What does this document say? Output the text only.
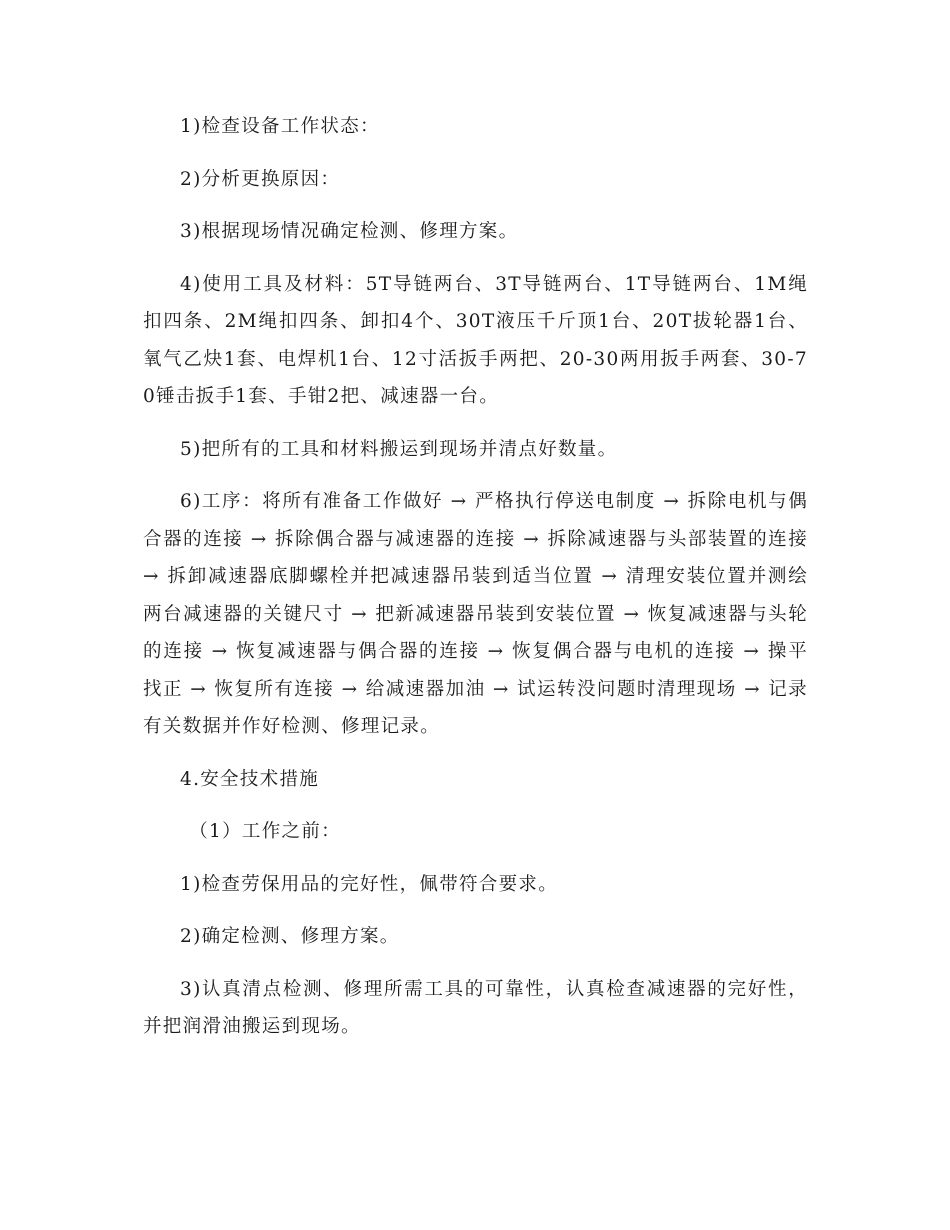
1)检查设备工作状态：

2)分析更换原因：

3)根据现场情况确定检测、修理方案。

4)使用工具及材料：5T导链两台、3T导链两台、1T导链两台、1M绳扣四条、2M绳扣四条、卸扣4个、30T液压千斤顶1台、20T拔轮器1台、氧气乙炔1套、电焊机1台、12寸活扳手两把、20-30两用扳手两套、30-70锤击扳手1套、手钳2把、减速器一台。

5)把所有的工具和材料搬运到现场并清点好数量。

6)工序：将所有准备工作做好 → 严格执行停送电制度 → 拆除电机与偶 合器的连接 → 拆除偶合器与减速器的连接 → 拆除减速器与头部装置的连接 → 拆卸减速器底脚螺栓并把减速器吊装到适当位置 → 清理安装位置并测绘两台减速器的关键尺寸 → 把新减速器吊装到安装位置 → 恢复减速器与头轮的连接 → 恢复减速器与偶合器的连接 → 恢复偶合器与电机的连接 → 操平找正 → 恢复所有连接 → 给减速器加油 → 试运转没问题时清理现场 → 记录有关数据并作好检测、修理记录。

4.安全技术措施

（1）工作之前：

1)检查劳保用品的完好性，佩带符合要求。

2)确定检测、修理方案。

3)认真清点检测、修理所需工具的可靠性，认真检查减速器的完好性，并把润滑油搬运到现场。
